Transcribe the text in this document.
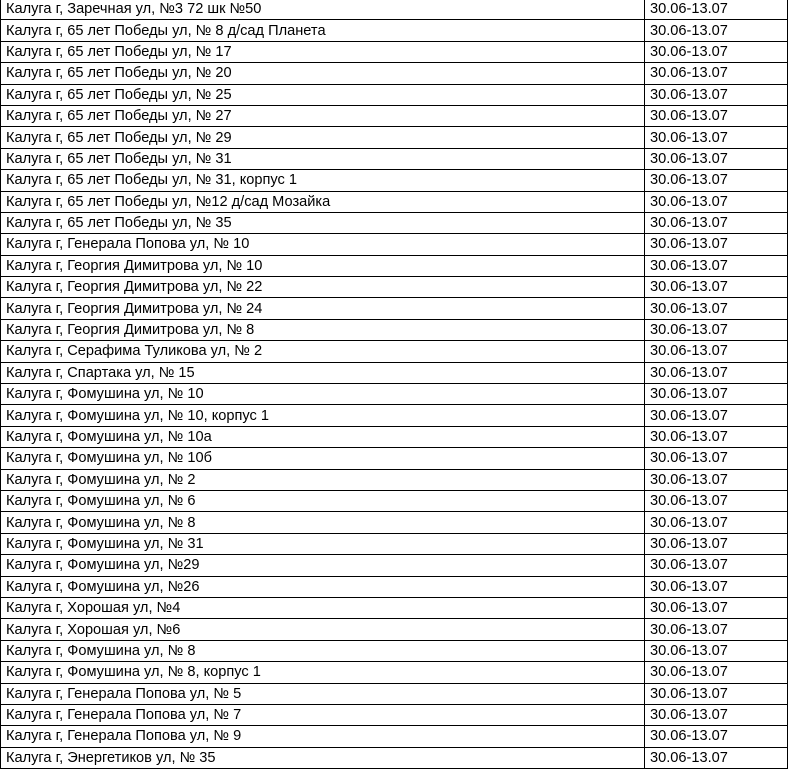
Калуга г, Заречная ул, №3 72 шк №50	30.06-13.07
Калуга г, 65 лет Победы ул, № 8 д/сад Планета	30.06-13.07
Калуга г, 65 лет Победы ул, № 17	30.06-13.07
Калуга г, 65 лет Победы ул, № 20	30.06-13.07
Калуга г, 65 лет Победы ул, № 25	30.06-13.07
Калуга г, 65 лет Победы ул, № 27	30.06-13.07
Калуга г, 65 лет Победы ул, № 29	30.06-13.07
Калуга г, 65 лет Победы ул, № 31	30.06-13.07
Калуга г, 65 лет Победы ул, № 31, корпус 1	30.06-13.07
Калуга г, 65 лет Победы ул, №12 д/сад Мозайка	30.06-13.07
Калуга г, 65 лет Победы ул, № 35	30.06-13.07
Калуга г, Генерала Попова ул, № 10	30.06-13.07
Калуга г, Георгия Димитрова ул, № 10	30.06-13.07
Калуга г, Георгия Димитрова ул, № 22	30.06-13.07
Калуга г, Георгия Димитрова ул, № 24	30.06-13.07
Калуга г, Георгия Димитрова ул, № 8	30.06-13.07
Калуга г, Серафима Туликова ул, № 2	30.06-13.07
Калуга г, Спартака ул, № 15	30.06-13.07
Калуга г, Фомушина ул, № 10	30.06-13.07
Калуга г, Фомушина ул, № 10, корпус 1	30.06-13.07
Калуга г, Фомушина ул, № 10а	30.06-13.07
Калуга г, Фомушина ул, № 10б	30.06-13.07
Калуга г, Фомушина ул, № 2	30.06-13.07
Калуга г, Фомушина ул, № 6	30.06-13.07
Калуга г, Фомушина ул, № 8	30.06-13.07
Калуга г, Фомушина ул, № 31	30.06-13.07
Калуга г, Фомушина ул, №29	30.06-13.07
Калуга г, Фомушина ул, №26	30.06-13.07
Калуга г, Хорошая ул, №4	30.06-13.07
Калуга г, Хорошая ул, №6	30.06-13.07
Калуга г, Фомушина ул, № 8	30.06-13.07
Калуга г, Фомушина ул, № 8, корпус 1	30.06-13.07
Калуга г, Генерала Попова ул, № 5	30.06-13.07
Калуга г, Генерала Попова ул, № 7	30.06-13.07
Калуга г, Генерала Попова ул, № 9	30.06-13.07
Калуга г, Энергетиков ул, № 35	30.06-13.07
